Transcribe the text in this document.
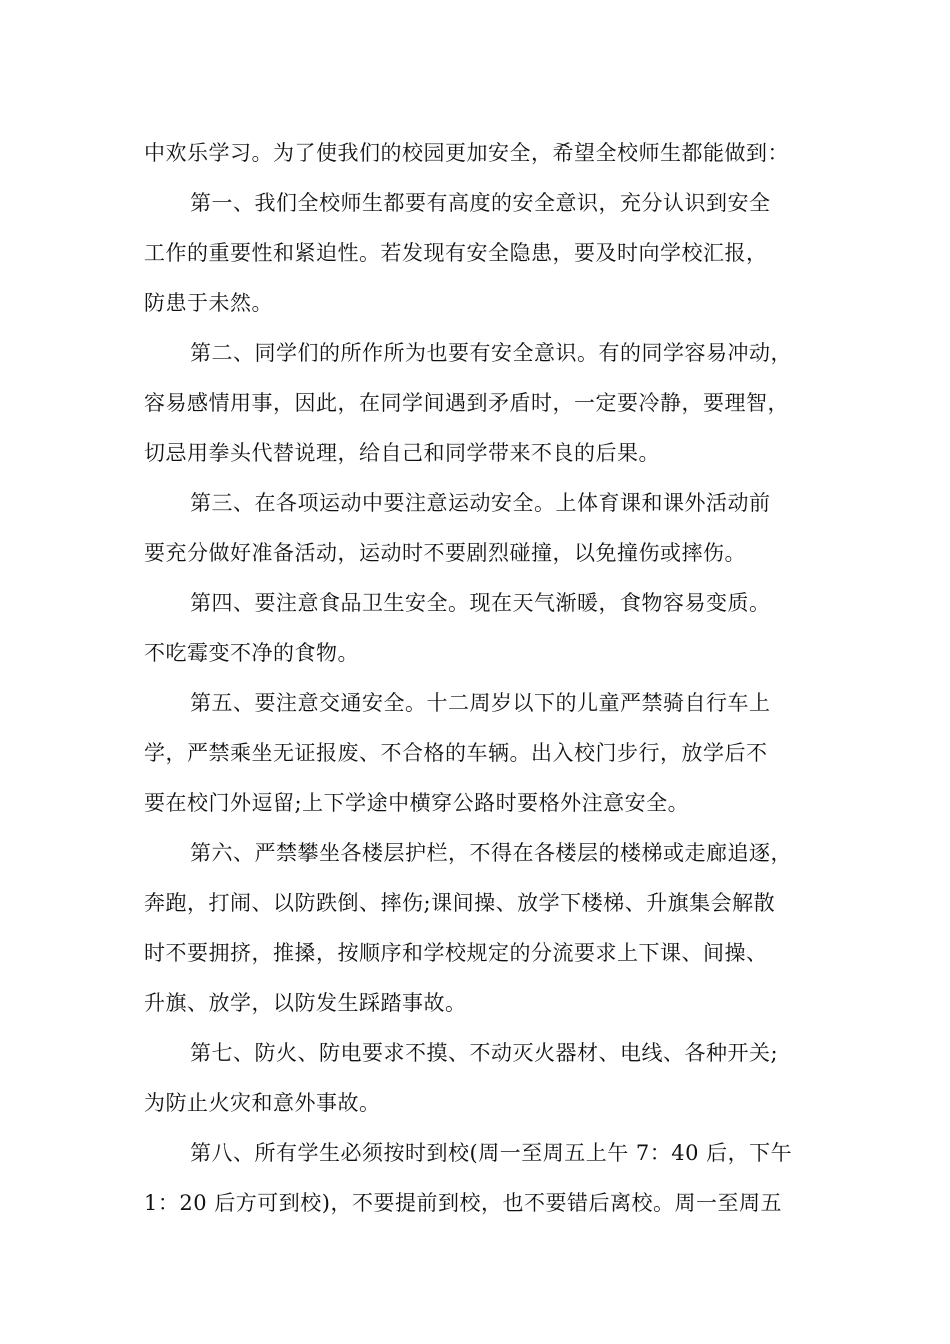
中欢乐学习。为了使我们的校园更加安全，希望全校师生都能做到：
第一、我们全校师生都要有高度的安全意识，充分认识到安全
工作的重要性和紧迫性。若发现有安全隐患，要及时向学校汇报，
防患于未然。
第二、同学们的所作所为也要有安全意识。有的同学容易冲动，
容易感情用事，因此，在同学间遇到矛盾时，一定要冷静，要理智，
切忌用拳头代替说理，给自己和同学带来不良的后果。
第三、在各项运动中要注意运动安全。上体育课和课外活动前
要充分做好准备活动，运动时不要剧烈碰撞，以免撞伤或摔伤。
第四、要注意食品卫生安全。现在天气渐暖，食物容易变质。
不吃霉变不净的食物。
第五、要注意交通安全。十二周岁以下的儿童严禁骑自行车上
学，严禁乘坐无证报废、不合格的车辆。出入校门步行，放学后不
要在校门外逗留;上下学途中横穿公路时要格外注意安全。
第六、严禁攀坐各楼层护栏，不得在各楼层的楼梯或走廊追逐，
奔跑，打闹、以防跌倒、摔伤;课间操、放学下楼梯、升旗集会解散
时不要拥挤，推搡，按顺序和学校规定的分流要求上下课、间操、
升旗、放学，以防发生踩踏事故。
第七、防火、防电要求不摸、不动灭火器材、电线、各种开关;
为防止火灾和意外事故。
第八、所有学生必须按时到校(周一至周五上午 7：40 后，下午
1：20 后方可到校)，不要提前到校，也不要错后离校。周一至周五
